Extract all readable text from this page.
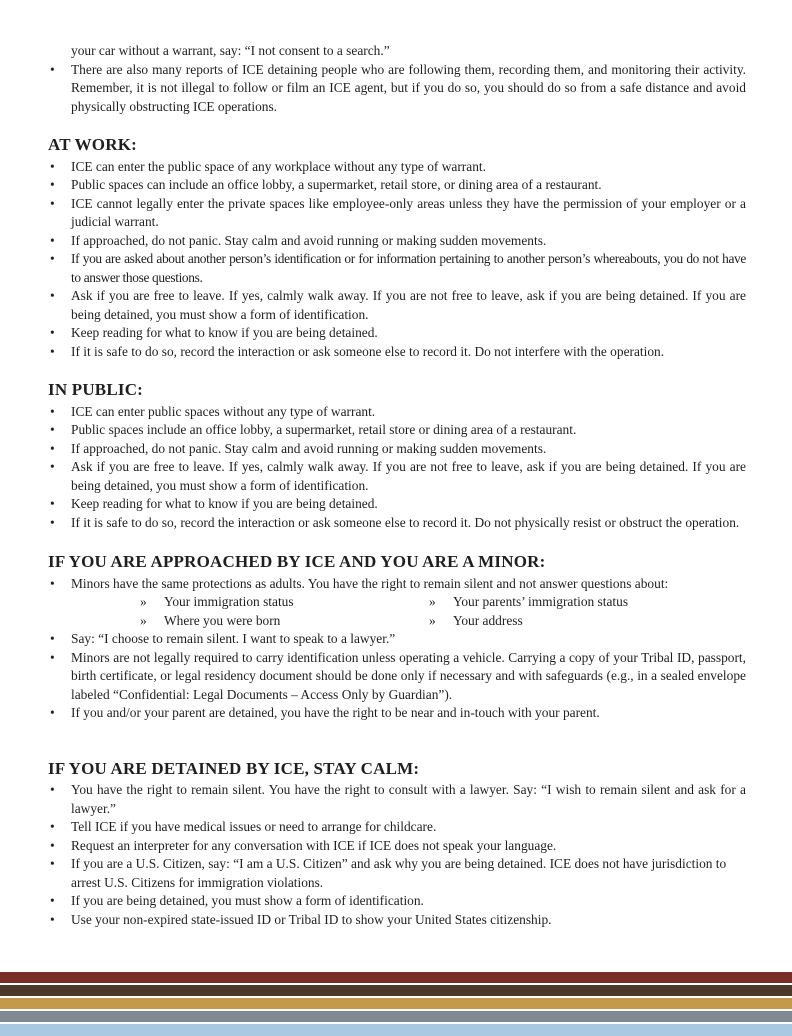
your car without a warrant, say: “I not consent to a search.”
• There are also many reports of ICE detaining people who are following them, recording them, and monitoring their activity. Remember, it is not illegal to follow or film an ICE agent, but if you do so, you should do so from a safe distance and avoid physically obstructing ICE operations.
AT WORK:
• ICE can enter the public space of any workplace without any type of warrant.
• Public spaces can include an office lobby, a supermarket, retail store, or dining area of a restaurant.
• ICE cannot legally enter the private spaces like employee-only areas unless they have the permission of your employer or a judicial warrant.
• If approached, do not panic. Stay calm and avoid running or making sudden movements.
• If you are asked about another person’s identification or for information pertaining to another person’s whereabouts, you do not have to answer those questions.
• Ask if you are free to leave. If yes, calmly walk away. If you are not free to leave, ask if you are being detained. If you are being detained, you must show a form of identification.
• Keep reading for what to know if you are being detained.
• If it is safe to do so, record the interaction or ask someone else to record it. Do not interfere with the operation.
IN PUBLIC:
• ICE can enter public spaces without any type of warrant.
• Public spaces include an office lobby, a supermarket, retail store or dining area of a restaurant.
• If approached, do not panic. Stay calm and avoid running or making sudden movements.
• Ask if you are free to leave. If yes, calmly walk away. If you are not free to leave, ask if you are being detained. If you are being detained, you must show a form of identification.
• Keep reading for what to know if you are being detained.
• If it is safe to do so, record the interaction or ask someone else to record it. Do not physically resist or obstruct the operation.
IF YOU ARE APPROACHED BY ICE AND YOU ARE A MINOR:
• Minors have the same protections as adults. You have the right to remain silent and not answer questions about:
» Your immigration status	» Your parents’ immigration status
» Where you were born	» Your address
• Say: “I choose to remain silent. I want to speak to a lawyer.”
• Minors are not legally required to carry identification unless operating a vehicle. Carrying a copy of your Tribal ID, passport, birth certificate, or legal residency document should be done only if necessary and with safeguards (e.g., in a sealed envelope labeled “Confidential: Legal Documents – Access Only by Guardian”).
• If you and/or your parent are detained, you have the right to be near and in-touch with your parent.
IF YOU ARE DETAINED BY ICE, STAY CALM:
• You have the right to remain silent. You have the right to consult with a lawyer. Say: “I wish to remain silent and ask for a lawyer.”
• Tell ICE if you have medical issues or need to arrange for childcare.
• Request an interpreter for any conversation with ICE if ICE does not speak your language.
• If you are a U.S. Citizen, say: “I am a U.S. Citizen” and ask why you are being detained. ICE does not have jurisdiction to arrest U.S. Citizens for immigration violations.
• If you are being detained, you must show a form of identification.
• Use your non-expired state-issued ID or Tribal ID to show your United States citizenship.
